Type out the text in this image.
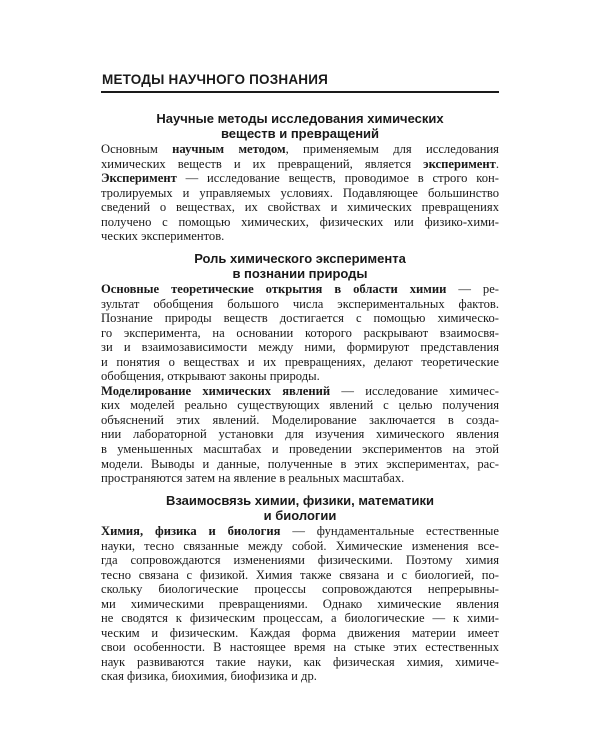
МЕТОДЫ НАУЧНОГО ПОЗНАНИЯ
Научные методы исследования химических
веществ и превращений

Основным научным методом, применяемым для исследования
химических веществ и их превращений, является эксперимент.
Эксперимент — исследование веществ, проводимое в строго кон-
тролируемых и управляемых условиях. Подавляющее большинство
сведений о веществах, их свойствах и химических превращениях
получено с помощью химических, физических или физико-хими-
ческих экспериментов.

Роль химического эксперимента
в познании природы

Основные теоретические открытия в области химии — ре-
зультат обобщения большого числа экспериментальных фактов.
Познание природы веществ достигается с помощью химическо-
го эксперимента, на основании которого раскрывают взаимосвя-
зи и взаимозависимости между ними, формируют представления
и понятия о веществах и их превращениях, делают теоретические
обобщения, открывают законы природы.

Моделирование химических явлений — исследование химичес-
ких моделей реально существующих явлений с целью получения
объяснений этих явлений. Моделирование заключается в созда-
нии лабораторной установки для изучения химического явления
в уменьшенных масштабах и проведении экспериментов на этой
модели. Выводы и данные, полученные в этих экспериментах, рас-
пространяются затем на явление в реальных масштабах.

Взаимосвязь химии, физики, математики
и биологии

Химия, физика и биология — фундаментальные естественные
науки, тесно связанные между собой. Химические изменения все-
гда сопровождаются изменениями физическими. Поэтому химия
тесно связана с физикой. Химия также связана и с биологией, по-
скольку биологические процессы сопровождаются непрерывны-
ми химическими превращениями. Однако химические явления
не сводятся к физическим процессам, а биологические — к хими-
ческим и физическим. Каждая форма движения материи имеет
свои особенности. В настоящее время на стыке этих естественных
наук развиваются такие науки, как физическая химия, химиче-
ская физика, биохимия, биофизика и др.
